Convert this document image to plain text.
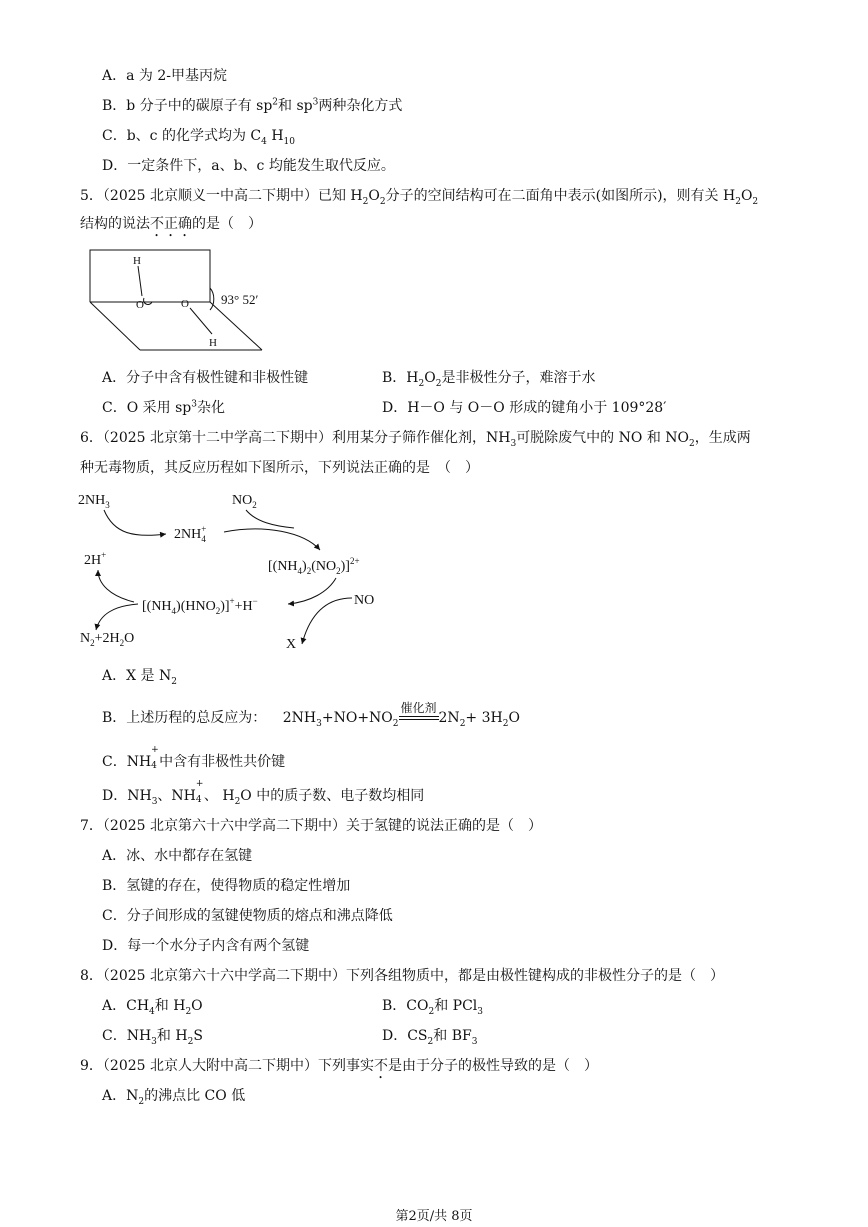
A．a 为 2-甲基丙烷
B．b 分子中的碳原子有 $sp^2$和 $sp^3$两种杂化方式
C．b、c 的化学式均为 $C_4$ $H_{10}$
D．一定条件下，a、b、c 均能发生取代反应。
5．（2025 北京顺义一中高二下期中）已知 $H_2O_2$分子的空间结构可在二面角中表示(如图所示)，则有关 $H_2O_2$
结构的说法不正确的是（　）
H
O	O
H
93° 52′
A．分子中含有极性键和非极性键	B．$H_2O_2$是非极性分子，难溶于水
C．O 采用 $sp^3$杂化	D．H－O 与 O－O 形成的键角小于 109°28′
6．（2025 北京第十二中学高二下期中）利用某分子筛作催化剂，$NH_3$可脱除废气中的 NO 和 $NO_2$，生成两
种无毒物质，其反应历程如下图所示，下列说法正确的是　（　）
$2NH_3$	$NO_2$
2NH+ 4
2H+
$[(NH_4)_2(NO_2)]^{2+}$
NO
$[(NH_4)(HNO_2)]^++H^-$
X
$N_2+2H_2O$
A．X 是 $N_2$
B．上述历程的总反应为： $2NH_3+NO+NO_2$
催化剂
$2N_2+ 3H_2O$
C．NH
+
4 中含有非极性共价键
D．$NH_3$、NH
+
4 、 $H_2O$ 中的质子数、电子数均相同
7．（2025 北京第六十六中学高二下期中）关于氢键的说法正确的是（　）
A．冰、水中都存在氢键
B．氢键的存在，使得物质的稳定性增加
C．分子间形成的氢键使物质的熔点和沸点降低
D．每一个水分子内含有两个氢键
8．（2025 北京第六十六中学高二下期中）下列各组物质中，都是由极性键构成的非极性分子的是（　）
A．$CH_4$和 $H_2O$	B．$CO_2$和 PCl$_3$
C．$NH_3$和 $H_2S$	D．$CS_2$和 $BF_3$
9．（2025 北京人大附中高二下期中）下列事实不是由于分子的极性导致的是（　）
A．$N_2$的沸点比 CO 低
第2页/共 8页
